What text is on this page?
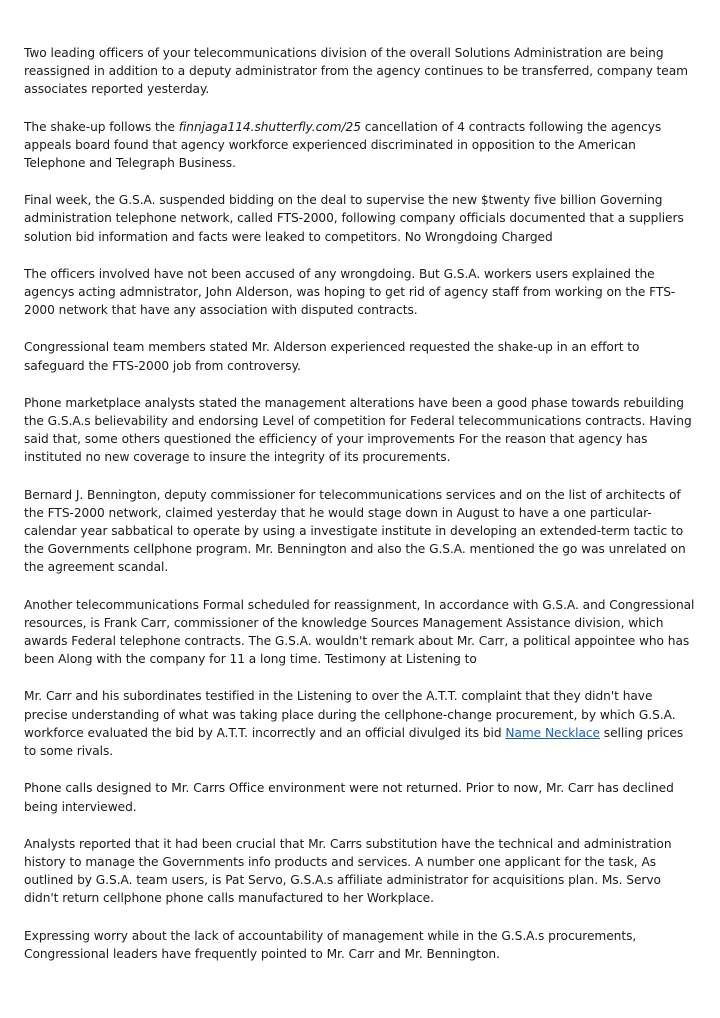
Two leading officers of your telecommunications division of the overall Solutions Administration are being reassigned in addition to a deputy administrator from the agency continues to be transferred, company team associates reported yesterday.

The shake-up follows the finnjaga114.shutterfly.com/25 cancellation of 4 contracts following the agencys appeals board found that agency workforce experienced discriminated in opposition to the American Telephone and Telegraph Business.

Final week, the G.S.A. suspended bidding on the deal to supervise the new $twenty five billion Governing administration telephone network, called FTS-2000, following company officials documented that a suppliers solution bid information and facts were leaked to competitors. No Wrongdoing Charged

The officers involved have not been accused of any wrongdoing. But G.S.A. workers users explained the agencys acting admnistrator, John Alderson, was hoping to get rid of agency staff from working on the FTS-2000 network that have any association with disputed contracts.

Congressional team members stated Mr. Alderson experienced requested the shake-up in an effort to safeguard the FTS-2000 job from controversy.

Phone marketplace analysts stated the management alterations have been a good phase towards rebuilding the G.S.A.s believability and endorsing Level of competition for Federal telecommunications contracts. Having said that, some others questioned the efficiency of your improvements For the reason that agency has instituted no new coverage to insure the integrity of its procurements.

Bernard J. Bennington, deputy commissioner for telecommunications services and on the list of architects of the FTS-2000 network, claimed yesterday that he would stage down in August to have a one particular-calendar year sabbatical to operate by using a investigate institute in developing an extended-term tactic to the Governments cellphone program. Mr. Bennington and also the G.S.A. mentioned the go was unrelated on the agreement scandal.

Another telecommunications Formal scheduled for reassignment, In accordance with G.S.A. and Congressional resources, is Frank Carr, commissioner of the knowledge Sources Management Assistance division, which awards Federal telephone contracts. The G.S.A. wouldn't remark about Mr. Carr, a political appointee who has been Along with the company for 11 a long time. Testimony at Listening to

Mr. Carr and his subordinates testified in the Listening to over the A.T.T. complaint that they didn't have precise understanding of what was taking place during the cellphone-change procurement, by which G.S.A. workforce evaluated the bid by A.T.T. incorrectly and an official divulged its bid Name Necklace selling prices to some rivals.

Phone calls designed to Mr. Carrs Office environment were not returned. Prior to now, Mr. Carr has declined being interviewed.

Analysts reported that it had been crucial that Mr. Carrs substitution have the technical and administration history to manage the Governments info products and services. A number one applicant for the task, As outlined by G.S.A. team users, is Pat Servo, G.S.A.s affiliate administrator for acquisitions plan. Ms. Servo didn't return cellphone phone calls manufactured to her Workplace.

Expressing worry about the lack of accountability of management while in the G.S.A.s procurements, Congressional leaders have frequently pointed to Mr. Carr and Mr. Bennington.
